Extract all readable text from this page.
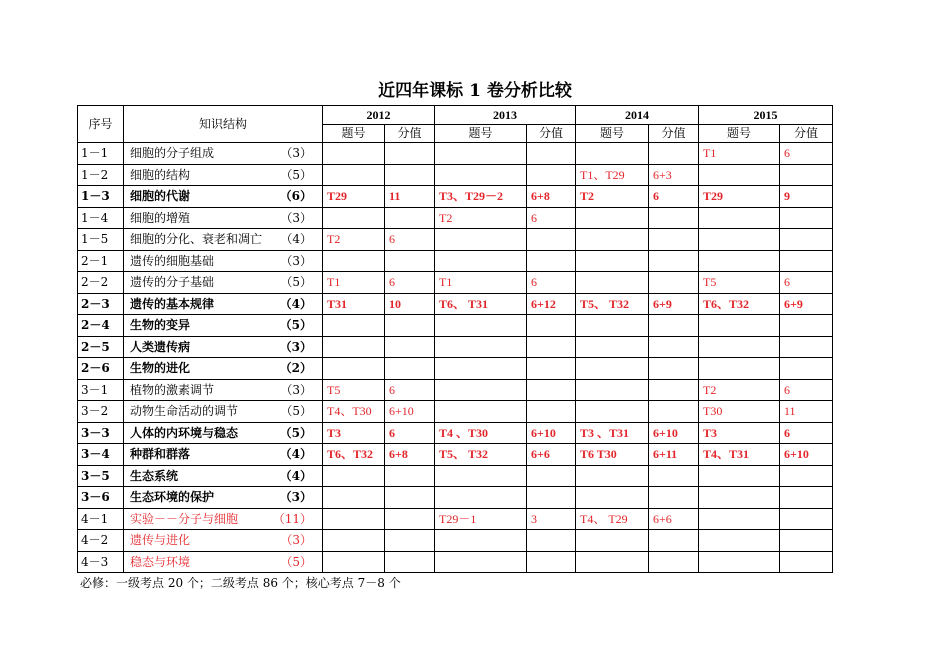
近四年课标 1 卷分析比较
序号	知识结构	2012		2013		2014		2015	
		题号	分值	题号	分值	题号	分值	题号	分值
1－1	细胞的分子组成 （3）							T1	6
1－2	细胞的结构 （5）					T1、T29	6+3		
1－3	细胞的代谢 （6）	T29	11	T3、T29－2	6+8	T2	6	T29	9
1－4	细胞的增殖 （3）			T2	6				
1－5	细胞的分化、衰老和凋亡 （4）	T2	6						
2－1	遗传的细胞基础 （3）								

2－2	遗传的分子基础 （5）	T1	6	T1	6			T5	6
2－3	遗传的基本规律 （4）	T31	10	T6、 T31	6+12	T5、 T32	6+9	T6、T32	6+9
2－4	生物的变异 （5）								

2－5	人类遗传病 （3）								

2－6	生物的进化 （2）								

3－1	植物的激素调节 （3）	T5	6					T2	6
3－2	动物生命活动的调节 （5）	T4、T30	6+10					T30	11
3－3	人体的内环境与稳态 （5）	T3	6	T4 、T30	6+10	T3 、T31	6+10	T3	6
3－4	种群和群落 （4）	T6、T32	6+8	T5、 T32	6+6	T6 T30	6+11	T4、T31	6+10
3－5	生态系统 （4）								

3－6	生态环境的保护 （3）								

4－1	实验－－分子与细胞 （11）			T29－1	3	T4、 T29	6+6		
4－2	遗传与进化 （3）								

4－3	稳态与环境 （5）								

必修：一级考点 20 个；二级考点 86 个；核心考点 7－8 个
